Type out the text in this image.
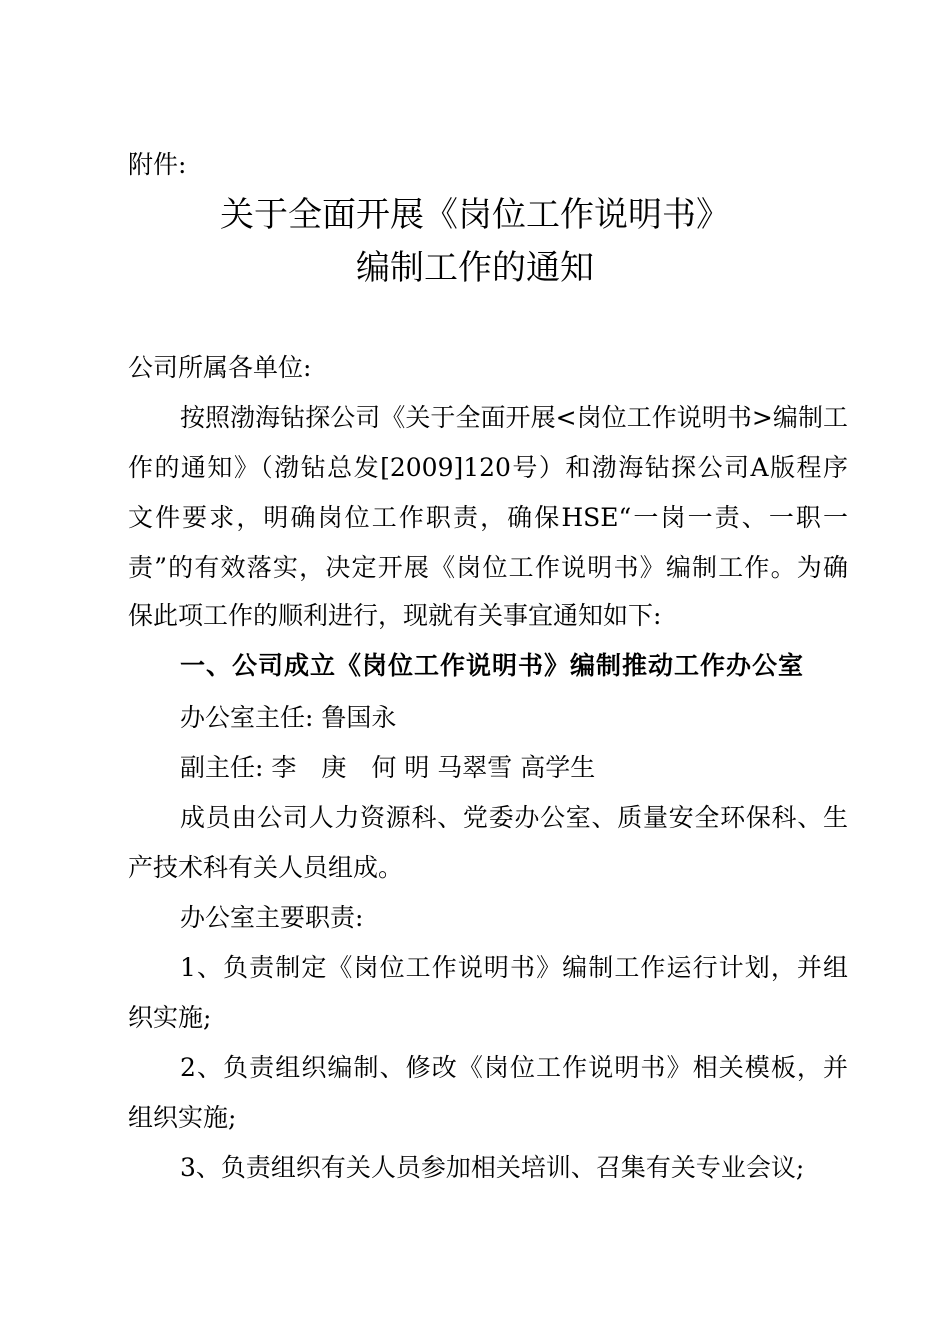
附件:
关于全面开展《岗位工作说明书》
编制工作的通知
公司所属各单位:
按照渤海钻探公司《关于全面开展<岗位工作说明书>编制工
作的通知》（渤钻总发[2009]120号）和渤海钻探公司A版程序
文件要求，明确岗位工作职责，确保HSE“一岗一责、一职一
责”的有效落实，决定开展《岗位工作说明书》编制工作。为确
保此项工作的顺利进行，现就有关事宜通知如下:
一、公司成立《岗位工作说明书》编制推动工作办公室
办公室主任: 鲁国永
副主任: 李　庚　何 明 马翠雪 高学生
成员由公司人力资源科、党委办公室、质量安全环保科、生
产技术科有关人员组成。
办公室主要职责:
1、负责制定《岗位工作说明书》编制工作运行计划，并组
织实施;
2、负责组织编制、修改《岗位工作说明书》相关模板，并
组织实施;
3、负责组织有关人员参加相关培训、召集有关专业会议;
